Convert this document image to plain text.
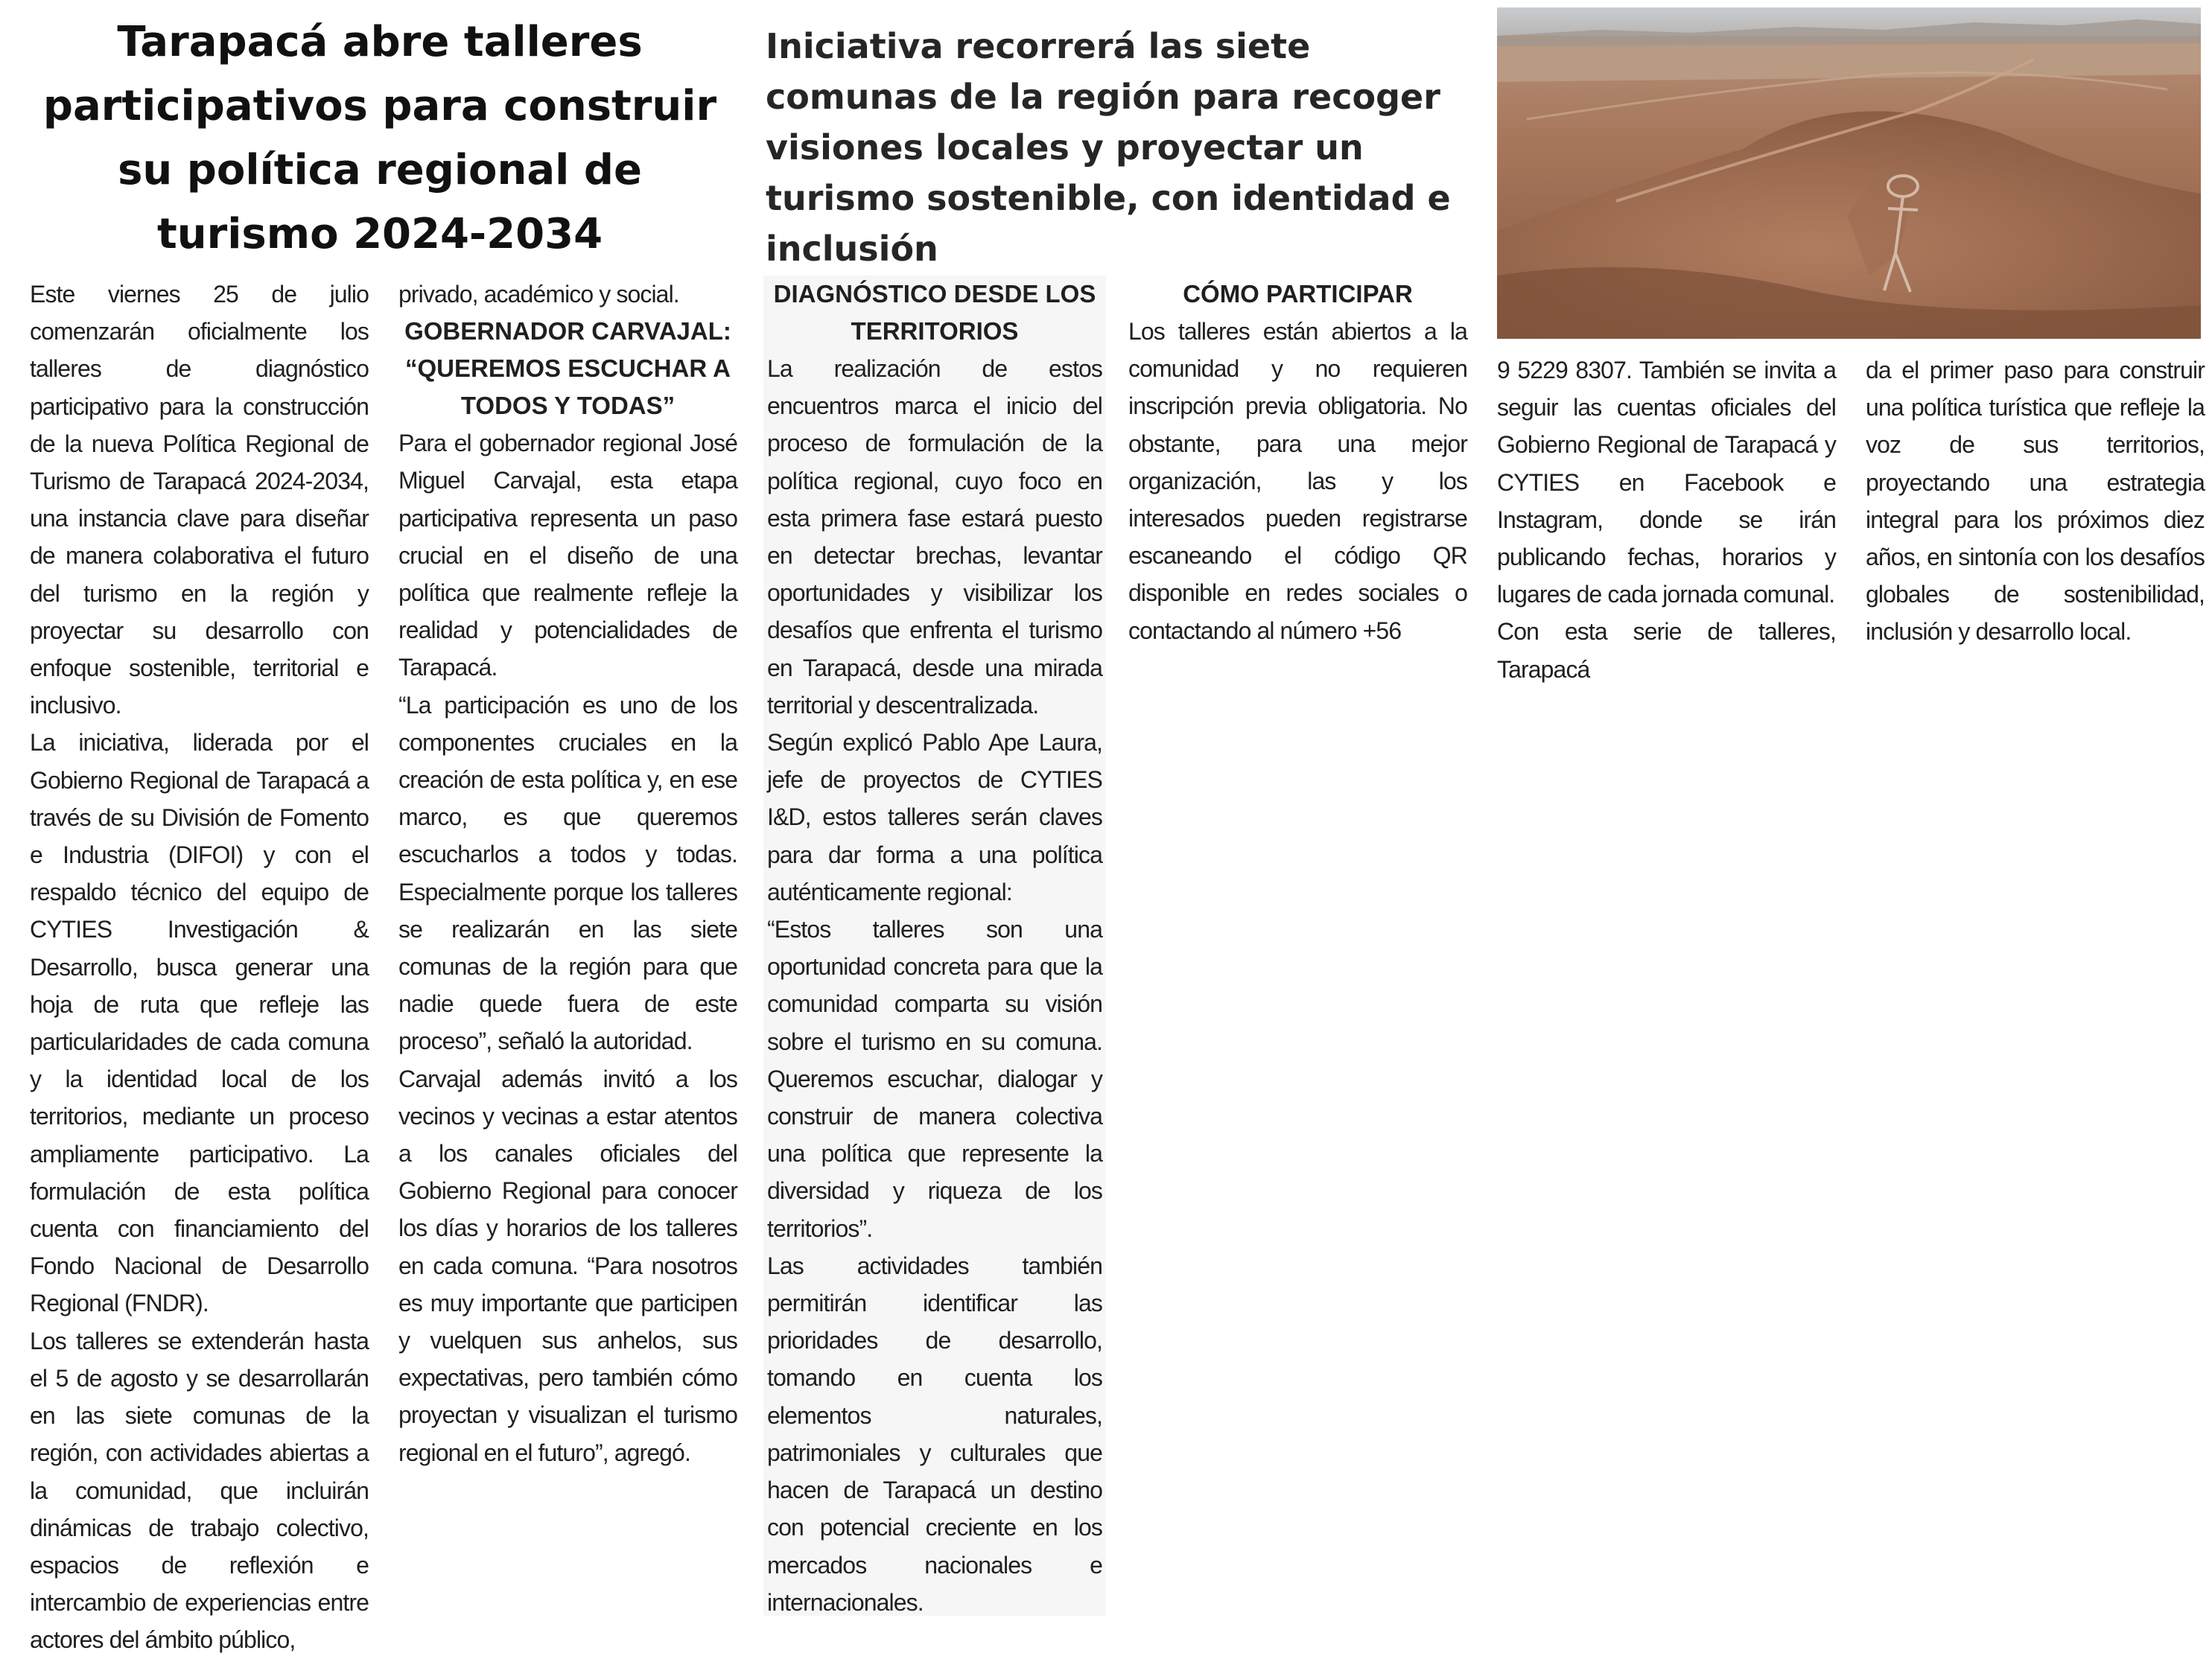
Tarapacá abre talleres participativos para construir su política regional de turismo 2024-2034
Iniciativa recorrerá las siete comunas de la región para recoger visiones locales y proyectar un turismo sostenible, con identidad e inclusión

Este viernes 25 de julio comenzarán oficialmente los talleres de diagnóstico participativo para la construcción de la nueva Política Regional de Turismo de Tarapacá 2024-2034, una instancia clave para diseñar de manera colaborativa el futuro del turismo en la región y proyectar su desarrollo con enfoque sostenible, territorial e inclusivo.

La iniciativa, liderada por el Gobierno Regional de Tarapacá a través de su División de Fomento e Industria (DIFOI) y con el respaldo técnico del equipo de CYTIES Investigación & Desarrollo, busca generar una hoja de ruta que refleje las particularidades de cada comuna y la identidad local de los territorios, mediante un proceso ampliamente participativo. La formulación de esta política cuenta con financiamiento del Fondo Nacional de Desarrollo Regional (FNDR).

Los talleres se extenderán hasta el 5 de agosto y se desarrollarán en las siete comunas de la región, con actividades abiertas a la comunidad, que incluirán dinámicas de trabajo colectivo, espacios de reflexión e intercambio de experiencias entre actores del ámbito público,

privado, académico y social.

GOBERNADOR CARVAJAL: “QUEREMOS ESCUCHAR A TODOS Y TODAS”

Para el gobernador regional José Miguel Carvajal, esta etapa participativa representa un paso crucial en el diseño de una política que realmente refleje la realidad y potencialidades de Tarapacá.

“La participación es uno de los componentes cruciales en la creación de esta política y, en ese marco, es que queremos escucharlos a todos y todas. Especialmente porque los talleres se realizarán en las siete comunas de la región para que nadie quede fuera de este proceso”, señaló la autoridad.

Carvajal además invitó a los vecinos y vecinas a estar atentos a los canales oficiales del Gobierno Regional para conocer los días y horarios de los talleres en cada comuna. “Para nosotros es muy importante que participen y vuelquen sus anhelos, sus expectativas, pero también cómo proyectan y visualizan el turismo regional en el futuro”, agregó.

DIAGNÓSTICO DESDE LOS TERRITORIOS

La realización de estos encuentros marca el inicio del proceso de formulación de la política regional, cuyo foco en esta primera fase estará puesto en detectar brechas, levantar oportunidades y visibilizar los desafíos que enfrenta el turismo en Tarapacá, desde una mirada territorial y descentralizada.

Según explicó Pablo Ape Laura, jefe de proyectos de CYTIES I&D, estos talleres serán claves para dar forma a una política auténticamente regional:

“Estos talleres son una oportunidad concreta para que la comunidad comparta su visión sobre el turismo en su comuna. Queremos escuchar, dialogar y construir de manera colectiva una política que represente la diversidad y riqueza de los territorios”.

Las actividades también permitirán identificar las prioridades de desarrollo, tomando en cuenta los elementos naturales, patrimoniales y culturales que hacen de Tarapacá un destino con potencial creciente en los mercados nacionales e internacionales.

CÓMO PARTICIPAR

Los talleres están abiertos a la comunidad y no requieren inscripción previa obligatoria. No obstante, para una mejor organización, las y los interesados pueden registrarse escaneando el código QR disponible en redes sociales o contactando al número +56

9 5229 8307. También se invita a seguir las cuentas oficiales del Gobierno Regional de Tarapacá y CYTIES en Facebook e Instagram, donde se irán publicando fechas, horarios y lugares de cada jornada comunal.

Con esta serie de talleres, Tarapacá

da el primer paso para construir una política turística que refleje la voz de sus territorios, proyectando una estrategia integral para los próximos diez años, en sintonía con los desafíos globales de sostenibilidad, inclusión y desarrollo local.
